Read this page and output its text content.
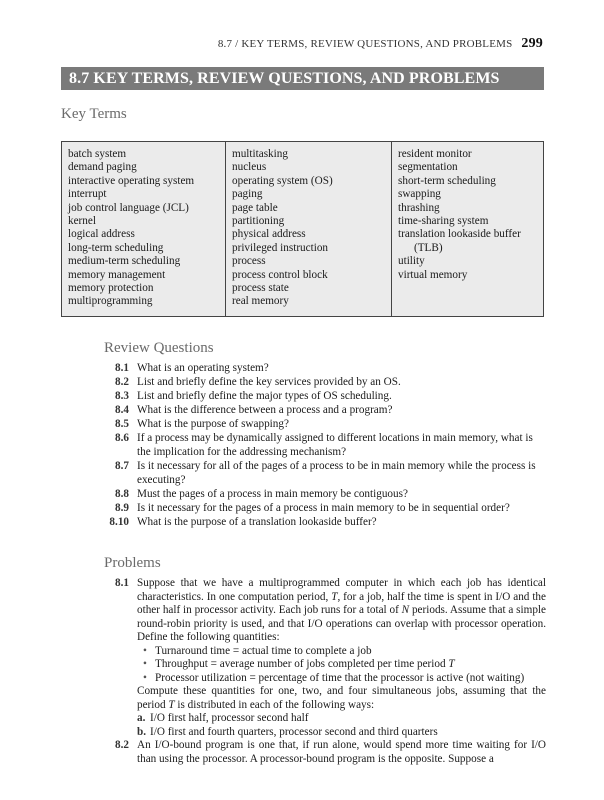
8.7 / KEY TERMS, REVIEW QUESTIONS, AND PROBLEMS 299
8.7 KEY TERMS, REVIEW QUESTIONS, AND PROBLEMS
Key Terms
batch system
demand paging
interactive operating system
interrupt
job control language (JCL)
kernel
logical address
long-term scheduling
medium-term scheduling
memory management
memory protection
multiprogramming
multitasking
nucleus
operating system (OS)
paging
page table
partitioning
physical address
privileged instruction
process
process control block
process state
real memory
resident monitor
segmentation
short-term scheduling
swapping
thrashing
time-sharing system
translation lookaside buffer
(TLB)
utility
virtual memory
Review Questions
8.1 What is an operating system?
8.2 List and briefly define the key services provided by an OS.
8.3 List and briefly define the major types of OS scheduling.
8.4 What is the difference between a process and a program?
8.5 What is the purpose of swapping?
8.6 If a process may be dynamically assigned to different locations in main memory, what is the implication for the addressing mechanism?
8.7 Is it necessary for all of the pages of a process to be in main memory while the process is executing?
8.8 Must the pages of a process in main memory be contiguous?
8.9 Is it necessary for the pages of a process in main memory to be in sequential order?
8.10 What is the purpose of a translation lookaside buffer?
Problems
8.1 Suppose that we have a multiprogrammed computer in which each job has identical characteristics. In one computation period, T, for a job, half the time is spent in I/O and the other half in processor activity. Each job runs for a total of N periods. Assume that a simple round-robin priority is used, and that I/O operations can overlap with processor operation. Define the following quantities:
• Turnaround time = actual time to complete a job
• Throughput = average number of jobs completed per time period T
• Processor utilization = percentage of time that the processor is active (not waiting)
Compute these quantities for one, two, and four simultaneous jobs, assuming that the period T is distributed in each of the following ways:
a. I/O first half, processor second half
b. I/O first and fourth quarters, processor second and third quarters
8.2 An I/O-bound program is one that, if run alone, would spend more time waiting for I/O than using the processor. A processor-bound program is the opposite. Suppose a
